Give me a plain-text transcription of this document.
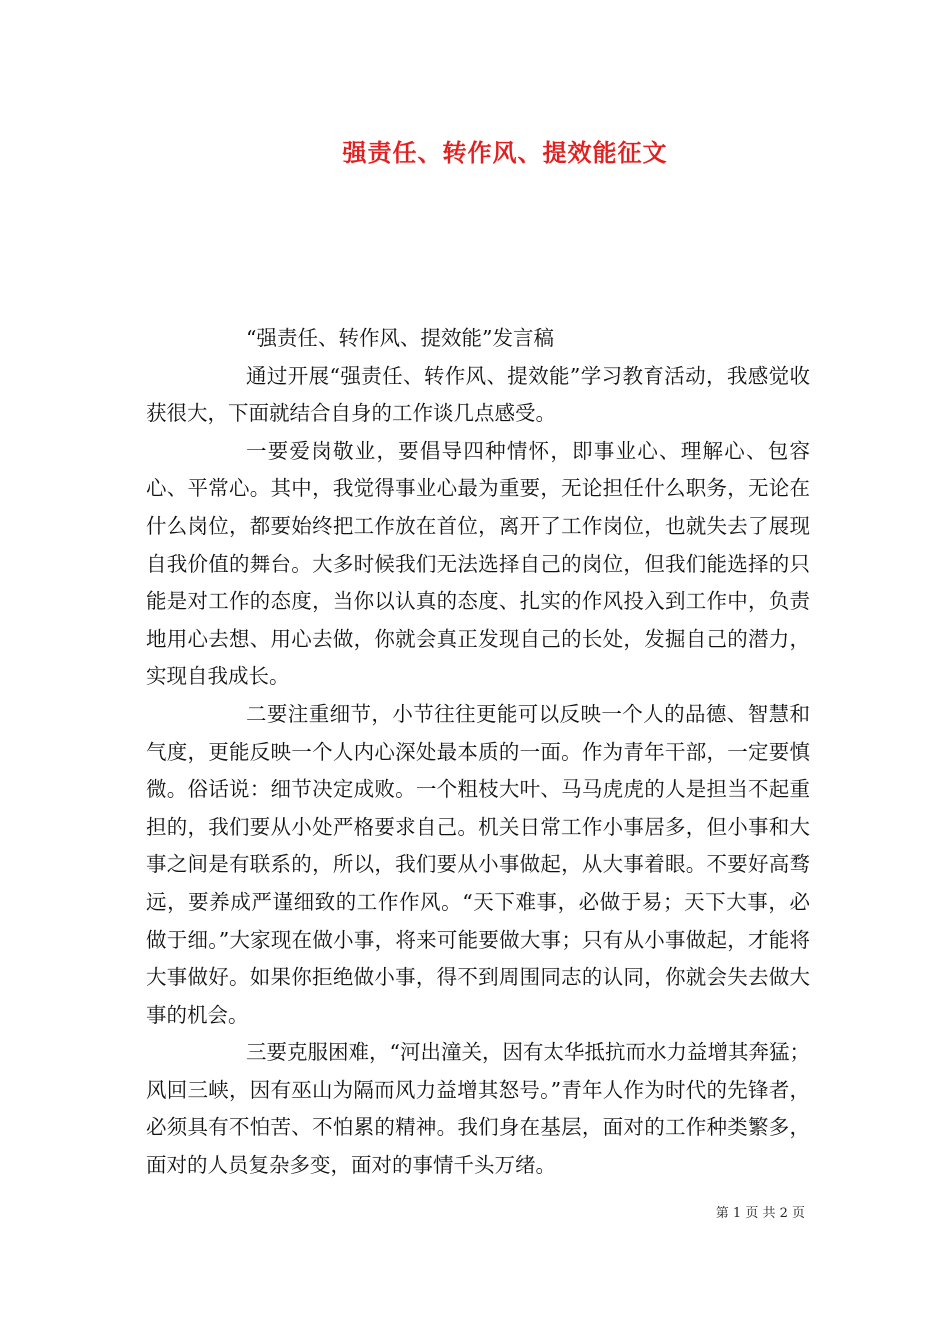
强责任、转作风、提效能征文

“强责任、转作风、提效能”发言稿

通过开展“强责任、转作风、提效能”学习教育活动，我感觉收获很大，下面就结合自身的工作谈几点感受。

一要爱岗敬业，要倡导四种情怀，即事业心、理解心、包容心、平常心。其中，我觉得事业心最为重要，无论担任什么职务，无论在什么岗位，都要始终把工作放在首位，离开了工作岗位，也就失去了展现自我价值的舞台。大多时候我们无法选择自己的岗位，但我们能选择的只能是对工作的态度，当你以认真的态度、扎实的作风投入到工作中，负责地用心去想、用心去做，你就会真正发现自己的长处，发掘自己的潜力，实现自我成长。

二要注重细节，小节往往更能可以反映一个人的品德、智慧和气度，更能反映一个人内心深处最本质的一面。作为青年干部，一定要慎微。俗话说：细节决定成败。一个粗枝大叶、马马虎虎的人是担当不起重担的，我们要从小处严格要求自己。机关日常工作小事居多，但小事和大事之间是有联系的，所以，我们要从小事做起，从大事着眼。不要好高骛远，要养成严谨细致的工作作风。“天下难事，必做于易；天下大事，必做于细。”大家现在做小事，将来可能要做大事；只有从小事做起，才能将大事做好。如果你拒绝做小事，得不到周围同志的认同，你就会失去做大事的机会。

三要克服困难，“河出潼关，因有太华抵抗而水力益增其奔猛；风回三峡，因有巫山为隔而风力益增其怒号。”青年人作为时代的先锋者，必须具有不怕苦、不怕累的精神。我们身在基层，面对的工作种类繁多，面对的人员复杂多变，面对的事情千头万绪。

第 1 页 共 2 页
